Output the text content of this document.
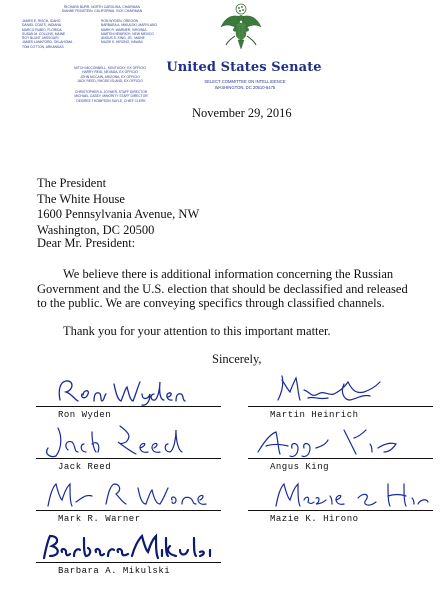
RICHARD BURR, NORTH CAROLINA, CHAIRMAN
DIANNE FEINSTEIN, CALIFORNIA, VICE CHAIRMAN
JAMES E. RISCH, IDAHO
DANIEL COATS, INDIANA
MARCO RUBIO, FLORIDA
SUSAN M. COLLINS, MAINE
ROY BLUNT, MISSOURI
JAMES LANKFORD, OKLAHOMA
TOM COTTON, ARKANSAS
RON WYDEN, OREGON
BARBARA A. MIKULSKI, MARYLAND
MARK R. WARNER, VIRGINIA
MARTIN HEINRICH, NEW MEXICO
ANGUS S. KING, JR., MAINE
MAZIE K. HIRONO, HAWAII
MITCH MCCONNELL, KENTUCKY, EX OFFICIO
HARRY REID, NEVADA, EX OFFICIO
JOHN MCCAIN, ARIZONA, EX OFFICIO
JACK REED, RHODE ISLAND, EX OFFICIO
CHRISTOPHER A. JOYNER, STAFF DIRECTOR
MICHAEL CASEY, MINORITY STAFF DIRECTOR
DESIREE THOMPSON SAYLE, CHIEF CLERK
United States Senate
SELECT COMMITTEE ON INTELLIGENCE
WASHINGTON, DC 20510-6475
November 29, 2016
The President
The White House
1600 Pennsylvania Avenue, NW
Washington, DC 20500
Dear Mr. President:
We believe there is additional information concerning the Russian Government and the U.S. election that should be declassified and released to the public. We are conveying specifics through classified channels.
Thank you for your attention to this important matter.
Sincerely,
Ron Wyden	Martin Heinrich
Jack Reed	Angus King
Mark R. Warner	Mazie K. Hirono
Barbara A. Mikulski
